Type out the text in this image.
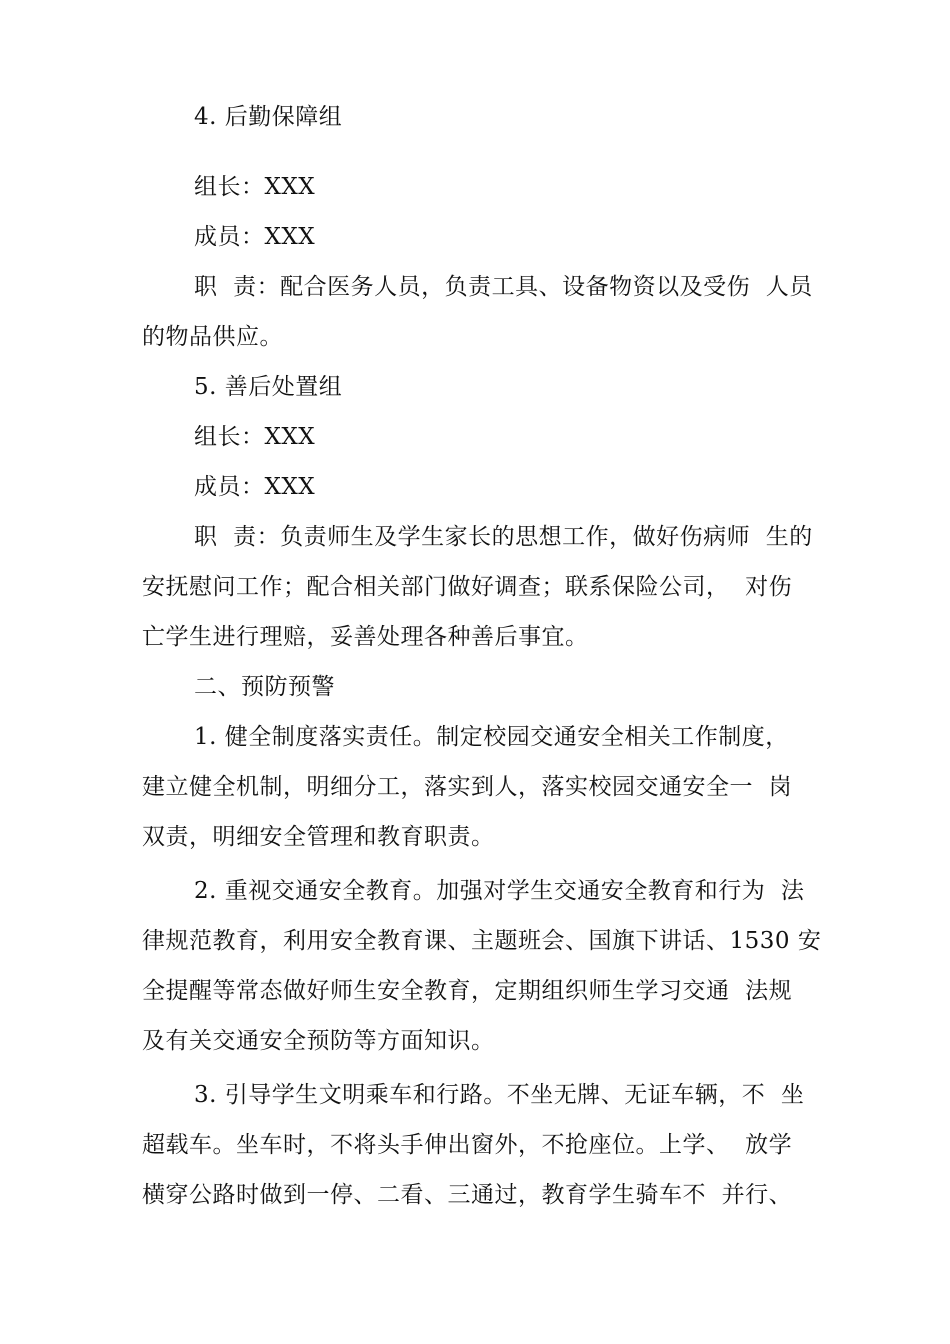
4. 后勤保障组
组长：XXX
成员：XXX
职  责：配合医务人员，负责工具、设备物资以及受伤  人员
的物品供应。
5. 善后处置组
组长：XXX
成员：XXX
职  责：负责师生及学生家长的思想工作，做好伤病师  生的
安抚慰问工作；配合相关部门做好调查；联系保险公司，  对伤
亡学生进行理赔，妥善处理各种善后事宜。
二、预防预警
1. 健全制度落实责任。制定校园交通安全相关工作制度，
建立健全机制，明细分工，落实到人，落实校园交通安全一  岗
双责，明细安全管理和教育职责。
2. 重视交通安全教育。加强对学生交通安全教育和行为  法
律规范教育，利用安全教育课、主题班会、国旗下讲话、1530 安
全提醒等常态做好师生安全教育，定期组织师生学习交通  法规
及有关交通安全预防等方面知识。
3. 引导学生文明乘车和行路。不坐无牌、无证车辆，不  坐
超载车。坐车时，不将头手伸出窗外，不抢座位。上学、  放学
横穿公路时做到一停、二看、三通过，教育学生骑车不  并行、
